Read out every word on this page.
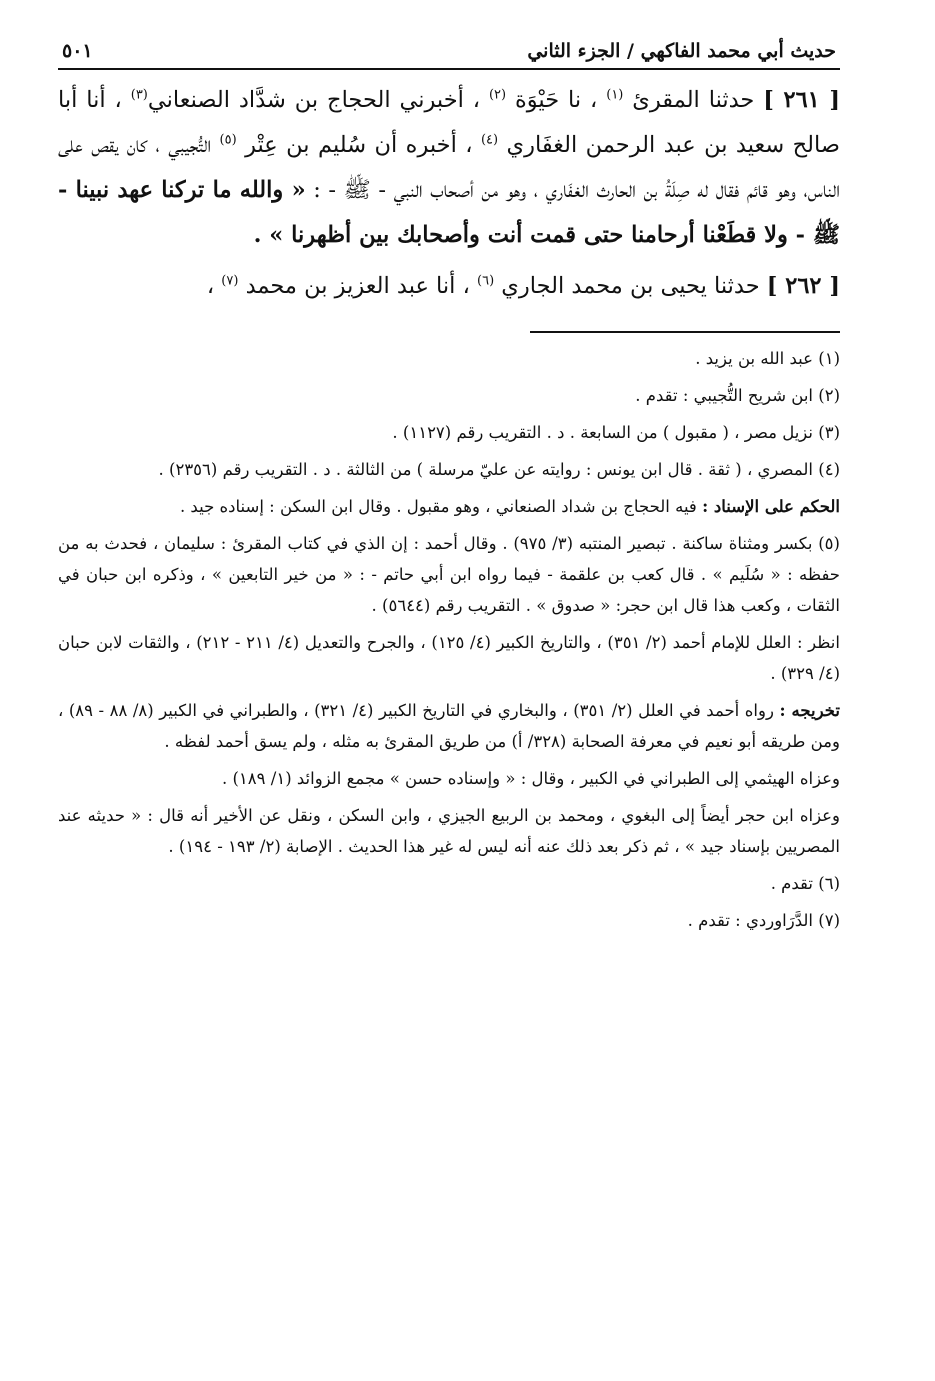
حديث أبي محمد الفاكهي / الجزء الثاني
٥٠١

[ ٢٦١ ] حدثنا المقرئ $^{(١)}$ ، نا حَيْوَة $^{(٢)}$ ، أخبرني الحجاج بن شدَّاد الصنعاني$^{(٣)}$ ، أنا أبا صالح سعيد بن عبد الرحمن الغفَاري $^{(٤)}$ ، أخبره أن سُليم بن عِتْر $^{(٥)}$ التُّجيبي ، كان يقص على الناس، وهو قائم فقال له صِلَةُ بن الحارث الغفَاري ، وهو من أصحاب النبي - ﷺ - : « والله ما تركنا عهد نبينا - ﷺ - ولا قطَعْنا أرحامنا حتى قمت أنت وأصحابك بين أظهرنا » .

[ ٢٦٢ ] حدثنا يحيى بن محمد الجاري $^{(٦)}$ ، أنا عبد العزيز بن محمد $^{(٧)}$ ،

(١) عبد الله بن يزيد .

(٢) ابن شريح التُّجيبي : تقدم .

(٣) نزيل مصر ، ( مقبول ) من السابعة . د . التقريب رقم (١١٢٧) .

(٤) المصري ، ( ثقة . قال ابن يونس : روايته عن عليّ مرسلة ) من الثالثة . د . التقريب رقم (٢٣٥٦) .

الحكم على الإسناد : فيه الحجاج بن شداد الصنعاني ، وهو مقبول . وقال ابن السكن : إسناده جيد .

(٥) بكسر ومثناة ساكنة . تبصير المنتبه (٣/ ٩٧٥) . وقال أحمد : إن الذي في كتاب المقرئ : سليمان ، فحدث به من حفظه : « سُلَيم » . قال كعب بن علقمة - فيما رواه ابن أبي حاتم - : « من خير التابعين » ، وذكره ابن حبان في الثقات ، وكعب هذا قال ابن حجر: « صدوق » . التقريب رقم (٥٦٤٤) .

انظر : العلل للإمام أحمد (٢/ ٣٥١) ، والتاريخ الكبير (٤/ ١٢٥) ، والجرح والتعديل (٤/ ٢١١ - ٢١٢) ، والثقات لابن حبان (٤/ ٣٢٩) .

تخريجه : رواه أحمد في العلل (٢/ ٣٥١) ، والبخاري في التاريخ الكبير (٤/ ٣٢١) ، والطبراني في الكبير (٨/ ٨٨ - ٨٩) ، ومن طريقه أبو نعيم في معرفة الصحابة (٣٢٨/ أ) من طريق المقرئ به مثله ، ولم يسق أحمد لفظه .

وعزاه الهيثمي إلى الطبراني في الكبير ، وقال : « وإسناده حسن » مجمع الزوائد (١/ ١٨٩) .

وعزاه ابن حجر أيضاً إلى البغوي ، ومحمد بن الربيع الجيزي ، وابن السكن ، ونقل عن الأخير أنه قال : « حديثه عند المصريين بإسناد جيد » ، ثم ذكر بعد ذلك عنه أنه ليس له غير هذا الحديث . الإصابة (٢/ ١٩٣ - ١٩٤) .

(٦) تقدم .

(٧) الدَّرَاوردي : تقدم .
